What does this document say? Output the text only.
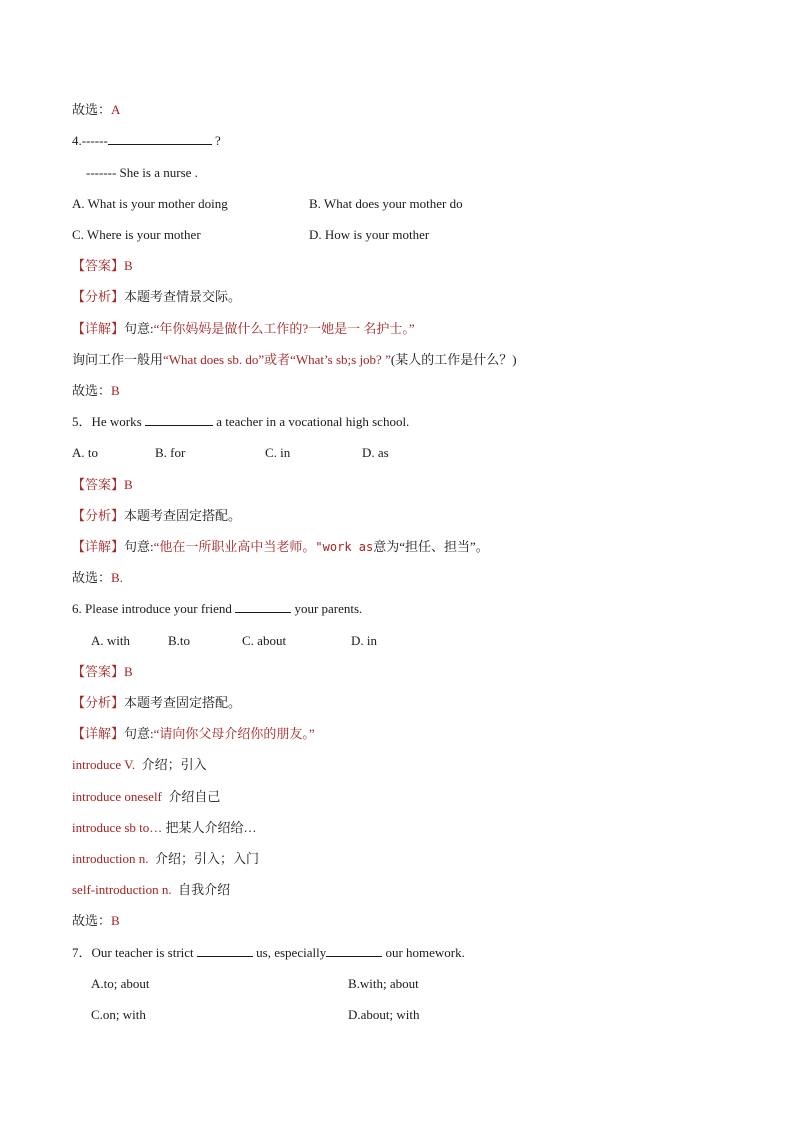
故选：A
4.------	?
------- She is a nurse .
A. What is your mother doing	B. What does your mother do
C. Where is your mother	D. How is your mother
【答案】B
【分析】本题考查情景交际。
【详解】句意:“年你妈妈是做什么工作的?一她是一 名护士。”
询问工作一般用“What does sb. do”或者“What’s sb;s job? ”(某人的工作是什么？)
故选：B
5．He works	a teacher in a vocational high school.
A. to	B. for	C. in	D. as
【答案】B
【分析】本题考查固定搭配。
【详解】句意:“他在一所职业高中当老师。"work as意为“担任、担当”。
故选：B.
6. Please introduce your friend	your parents.
A. with	B.to	C. about	D. in
【答案】B
【分析】本题考查固定搭配。
【详解】句意:“请向你父母介绍你的朋友。”
introduce V. 介绍；引入
introduce oneself 介绍自己
introduce sb to… 把某人介绍给…
introduction n. 介绍；引入；入门
self-introduction n. 自我介绍
故选：B
7．Our teacher is strict	us, especially	our homework.
A.to; about	B.with; about
C.on; with	D.about; with
